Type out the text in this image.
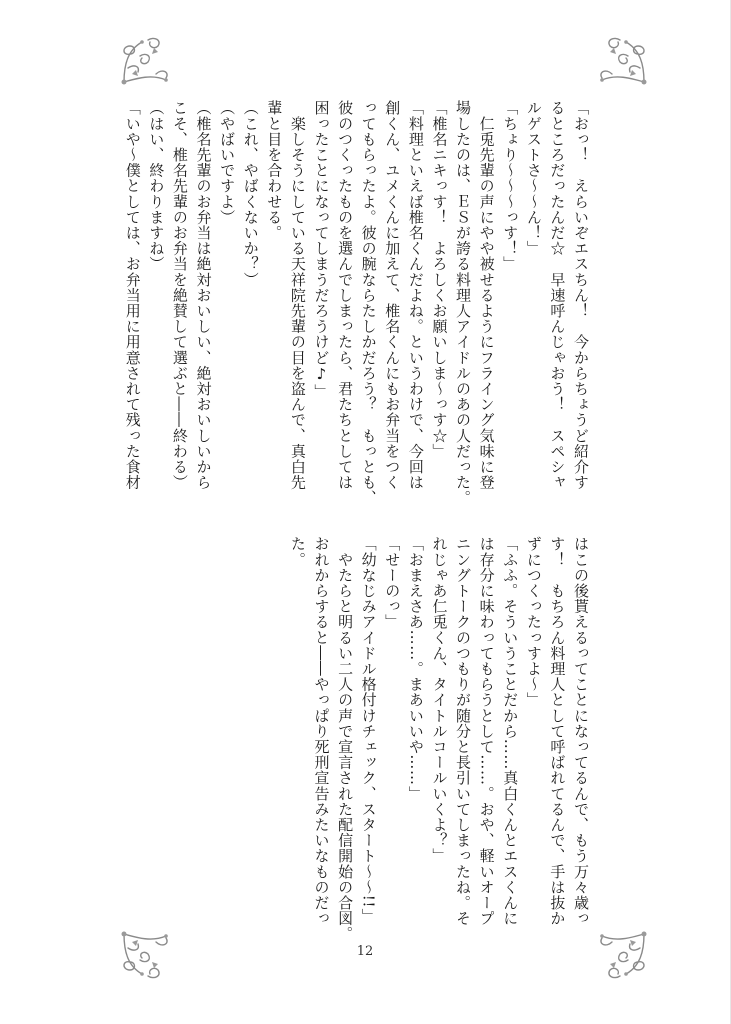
「おっ！　えらいぞエスちん！　今からちょうど紹介す
るところだったんだ☆　早速呼んじゃおう！　スペシャ
ルゲストさ〜〜ん！」
「ちょり〜〜〜っす！」
　仁兎先輩の声にやや被せるようにフライング気味に登
場したのは、ＥＳが誇る料理人アイドルのあの人だった。
「椎名ニキっす！　よろしくお願いしま〜っす☆」
「料理といえば椎名くんだよね。というわけで、今回は
創くん、ユメくんに加えて、椎名くんにもお弁当をつく
ってもらったよ。彼の腕ならたしかだろう？　もっとも、
彼のつくったものを選んでしまったら、君たちとしては
困ったことになってしまうだろうけど♪」
　楽しそうにしている天祥院先輩の目を盗んで、真白先
輩と目を合わせる。
（これ、やばくないか？）
（やばいですよ）
（椎名先輩のお弁当は絶対おいしい、絶対おいしいから
こそ、椎名先輩のお弁当を絶賛して選ぶと――終わる）
（はい、終わりますね）
「いや〜僕としては、お弁当用に用意されて残った食材
はこの後貰えるってことになってるんで、もう万々歳っ
す！　もちろん料理人として呼ばれてるんで、手は抜か
ずにつくったっすよ〜」
「ふふ。そういうことだから……真白くんとエスくんに
は存分に味わってもらうとして……。おや、軽いオープ
ニングトークのつもりが随分と長引いてしまったね。そ
れじゃあ仁兎くん、タイトルコールいくよ？」
「おまえさあ……。まあいいや……」
「せーのっ」
「幼なじみアイドル格付けチェック、スタート〜〜!!」
　やたらと明るい二人の声で宣言された配信開始の合図。
おれからすると――やっぱり死刑宣告みたいなものだっ
た。
12
